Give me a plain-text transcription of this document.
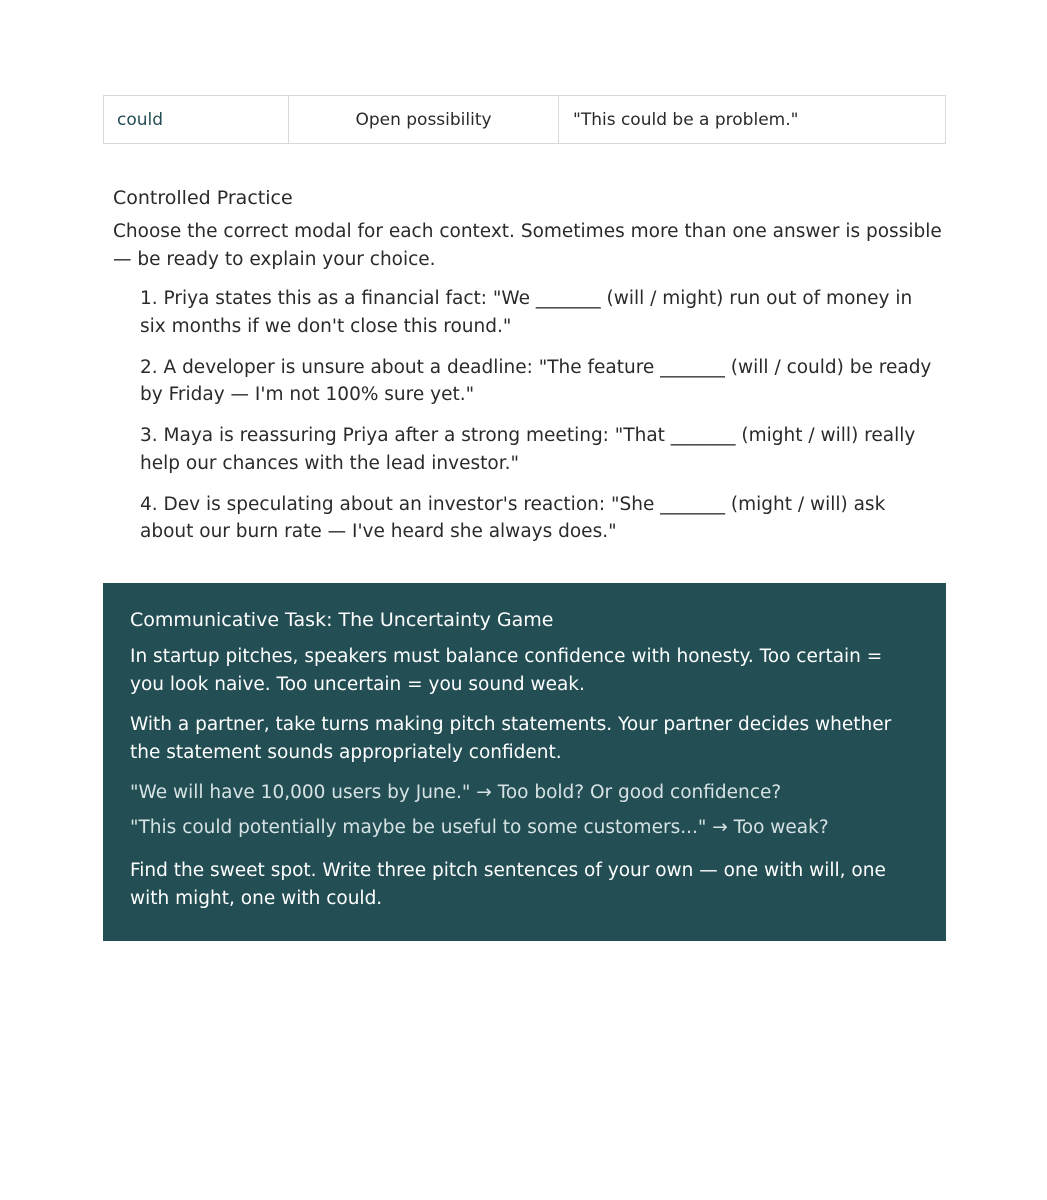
could	Open possibility	"This could be a problem."
Controlled Practice

Choose the correct modal for each context. Sometimes more than one answer is possible — be ready to explain your choice.

1. Priya states this as a financial fact: "We _______ (will / might) run out of money in six months if we don't close this round."
2. A developer is unsure about a deadline: "The feature _______ (will / could) be ready by Friday — I'm not 100% sure yet."
3. Maya is reassuring Priya after a strong meeting: "That _______ (might / will) really help our chances with the lead investor."
4. Dev is speculating about an investor's reaction: "She _______ (might / will) ask about our burn rate — I've heard she always does."
Communicative Task: The Uncertainty Game

In startup pitches, speakers must balance confidence with honesty. Too certain = you look naive. Too uncertain = you sound weak.

With a partner, take turns making pitch statements. Your partner decides whether the statement sounds appropriately confident.

"We will have 10,000 users by June." → Too bold? Or good confidence?

"This could potentially maybe be useful to some customers..." → Too weak?

Find the sweet spot. Write three pitch sentences of your own — one with will, one with might, one with could.
